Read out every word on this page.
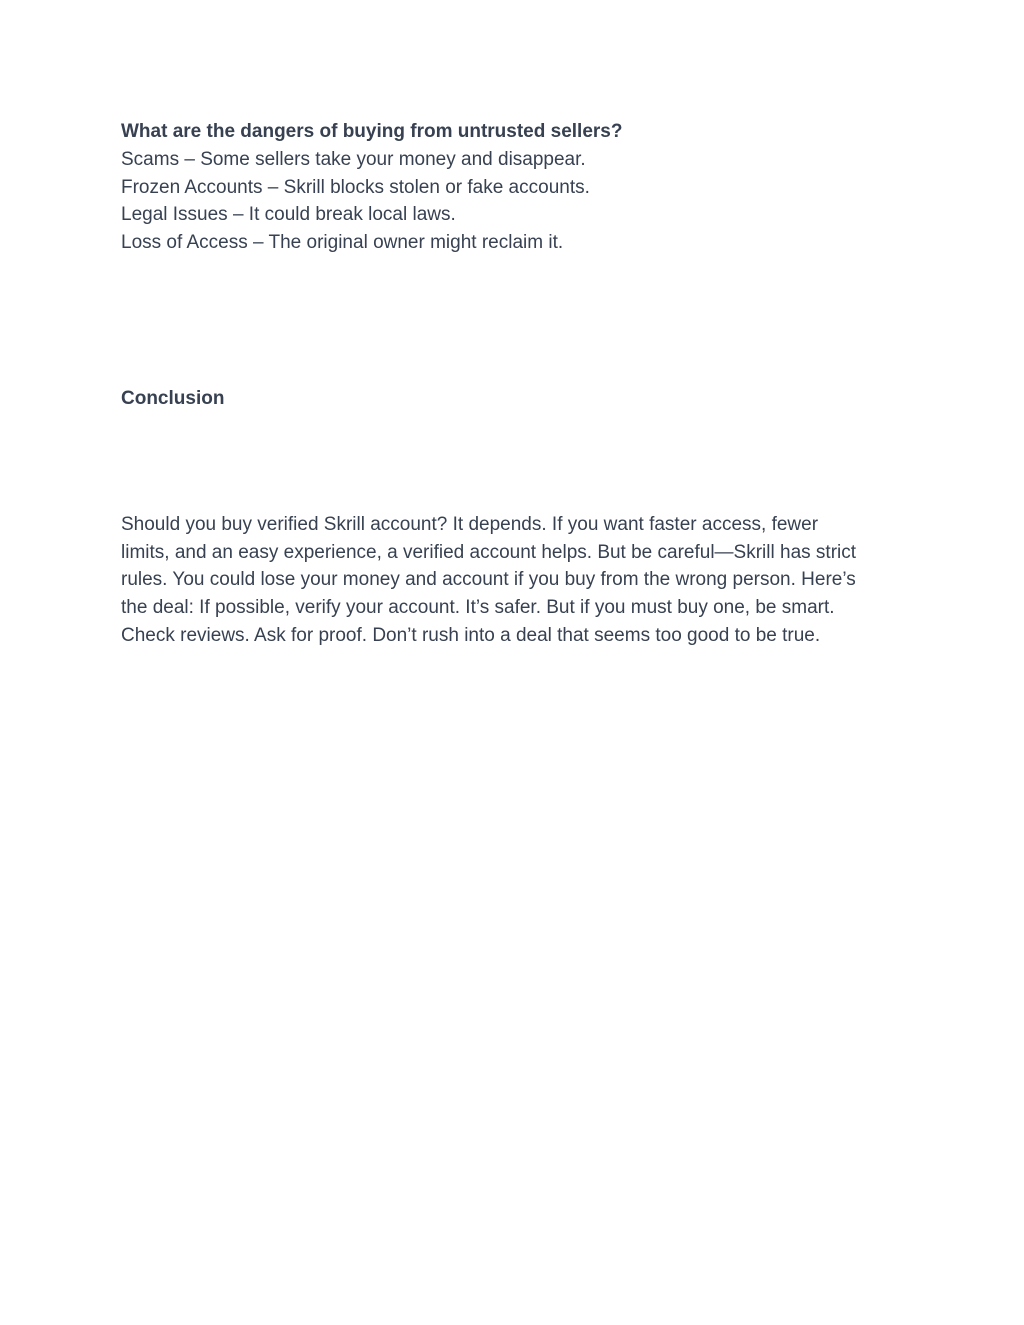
What are the dangers of buying from untrusted sellers?

Scams – Some sellers take your money and disappear.

Frozen Accounts – Skrill blocks stolen or fake accounts.

Legal Issues – It could break local laws.

Loss of Access – The original owner might reclaim it.

Conclusion

Should you buy verified Skrill account? It depends. If you want faster access, fewer

limits, and an easy experience, a verified account helps. But be careful—Skrill has strict

rules. You could lose your money and account if you buy from the wrong person. Here’s

the deal: If possible, verify your account. It’s safer. But if you must buy one, be smart.

Check reviews. Ask for proof. Don’t rush into a deal that seems too good to be true.
